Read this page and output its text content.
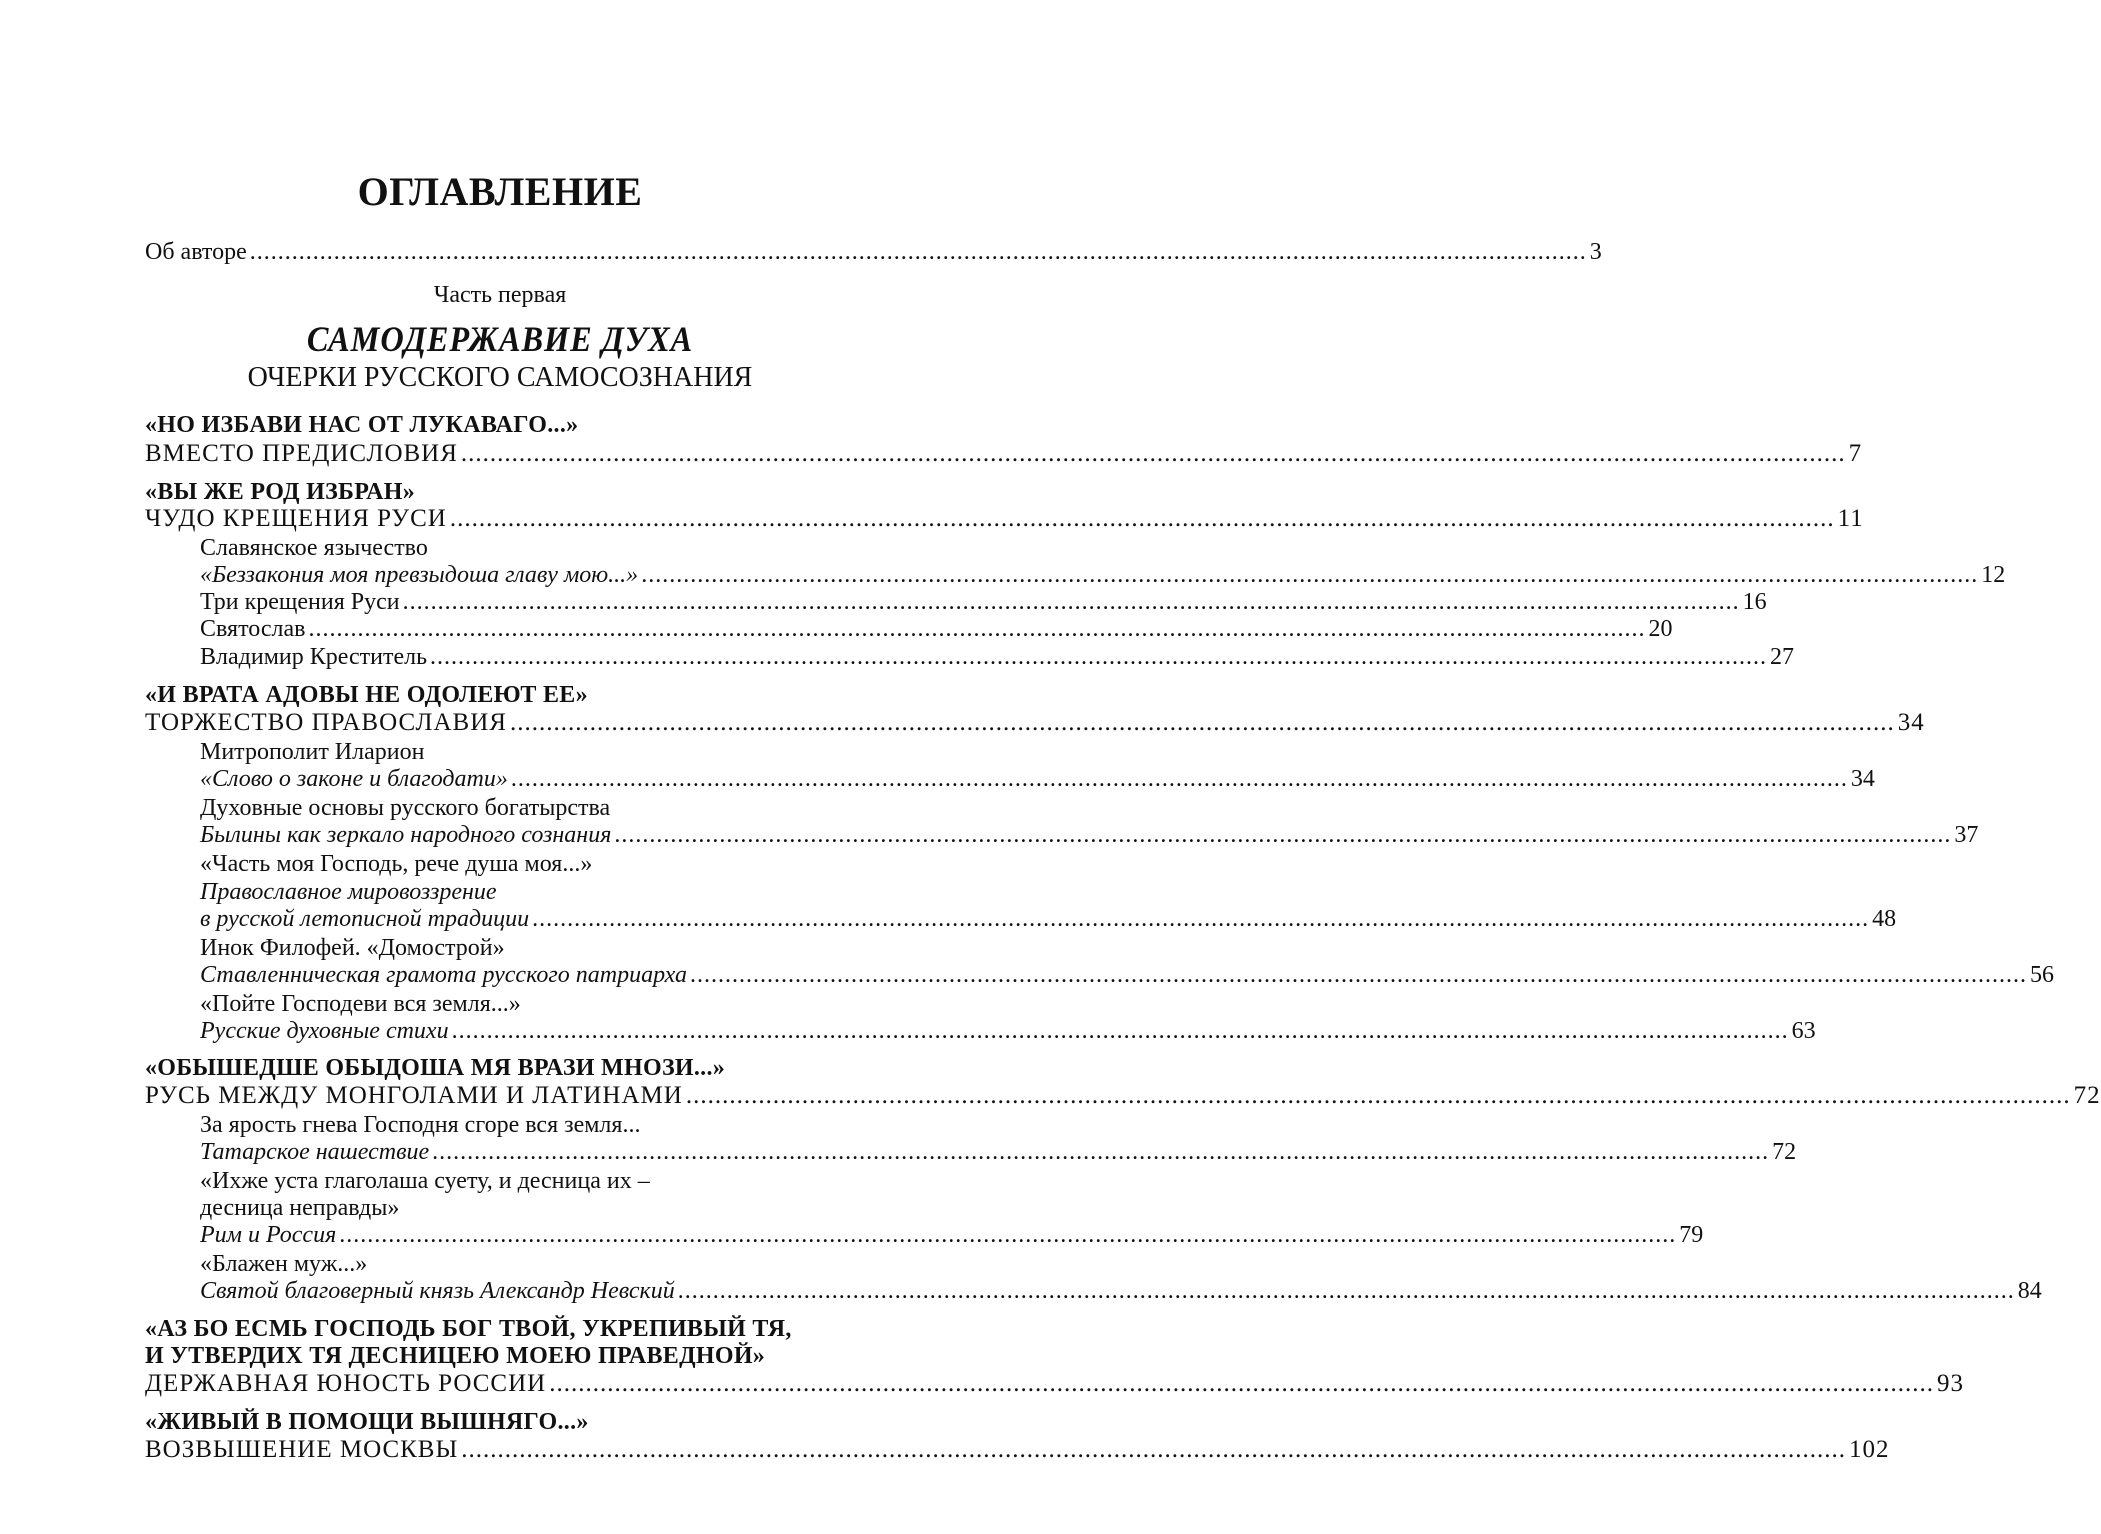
ОГЛАВЛЕНИЕ
Об авторе ............................................................................................................................................................................................... 3
Часть первая
САМОДЕРЖАВИЕ ДУХА
ОЧЕРКИ РУССКОГО САМОСОЗНАНИЯ
«НО ИЗБАВИ НАС ОТ ЛУКАВАГО...»
ВМЕСТО ПРЕДИСЛОВИЯ ............................................................................................................................................................................................... 7
«ВЫ ЖЕ РОД ИЗБРАН»
ЧУДО КРЕЩЕНИЯ РУСИ ............................................................................................................................................................................................... 11
Славянское язычество
«Беззакония моя превзыдоша главу мою...» ............................................................................................................................................................................................... 12
Три крещения Руси ............................................................................................................................................................................................... 16
Святослав ............................................................................................................................................................................................... 20
Владимир Креститель ............................................................................................................................................................................................... 27
«И ВРАТА АДОВЫ НЕ ОДОЛЕЮТ ЕЕ»
ТОРЖЕСТВО ПРАВОСЛАВИЯ ............................................................................................................................................................................................... 34
Митрополит Иларион
«Слово о законе и благодати» ............................................................................................................................................................................................... 34
Духовные основы русского богатырства
Былины как зеркало народного сознания ............................................................................................................................................................................................... 37
«Часть моя Господь, рече душа моя...»
Православное мировоззрение
в русской летописной традиции ............................................................................................................................................................................................... 48
Инок Филофей. «Домострой»
Ставленническая грамота русского патриарха ............................................................................................................................................................................................... 56
«Пойте Господеви вся земля...»
Русские духовные стихи ............................................................................................................................................................................................... 63
«ОБЫШЕДШЕ ОБЫДОША МЯ ВРАЗИ МНОЗИ...»
РУСЬ МЕЖДУ МОНГОЛАМИ И ЛАТИНАМИ ............................................................................................................................................................................................... 72
За ярость гнева Господня сгоре вся земля...
Татарское нашествие ............................................................................................................................................................................................... 72
«Ихже уста глаголаша суету, и десница их –
десница неправды»
Рим и Россия ............................................................................................................................................................................................... 79
«Блажен муж...»
Святой благоверный князь Александр Невский ............................................................................................................................................................................................... 84
«АЗ БО ЕСМЬ ГОСПОДЬ БОГ ТВОЙ, УКРЕПИВЫЙ ТЯ,
И УТВЕРДИХ ТЯ ДЕСНИЦЕЮ МОЕЮ ПРАВЕДНОЙ»
ДЕРЖАВНАЯ ЮНОСТЬ РОССИИ ............................................................................................................................................................................................... 93
«ЖИВЫЙ В ПОМОЩИ ВЫШНЯГО...»
ВОЗВЫШЕНИЕ МОСКВЫ ............................................................................................................................................................................................... 102
